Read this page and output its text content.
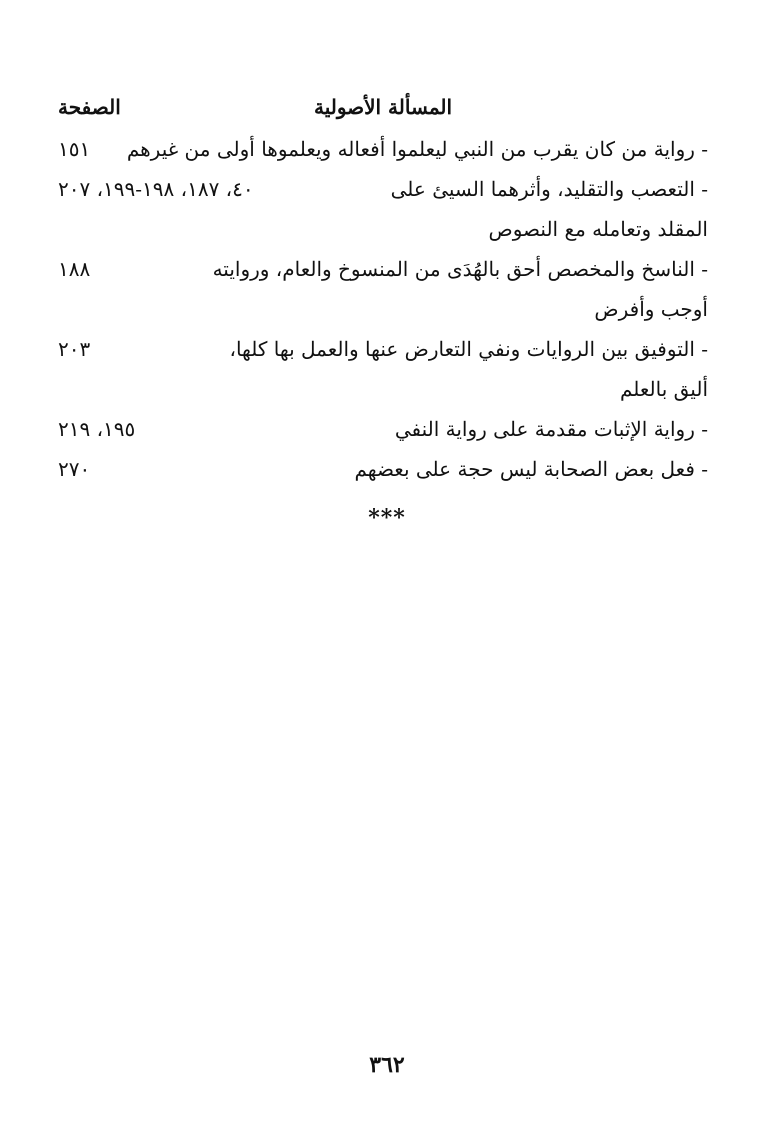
المسألة الأصولية
الصفحة
- رواية من كان يقرب من النبي ليعلموا أفعاله ويعلموها أولى من غيرهم
١٥١
- التعصب والتقليد، وأثرهما السيئ على
٤٠، ١٨٧، ١٩٨-١٩٩، ٢٠٧
المقلد وتعامله مع النصوص
- الناسخ والمخصص أحق بالهُدَى من المنسوخ والعام، وروايته
١٨٨
أوجب وأفرض
- التوفيق بين الروايات ونفي التعارض عنها والعمل بها كلها،
٢٠٣
أليق بالعلم
- رواية الإثبات مقدمة على رواية النفي
١٩٥، ٢١٩
- فعل بعض الصحابة ليس حجة على بعضهم
٢٧٠
***
٣٦٢
